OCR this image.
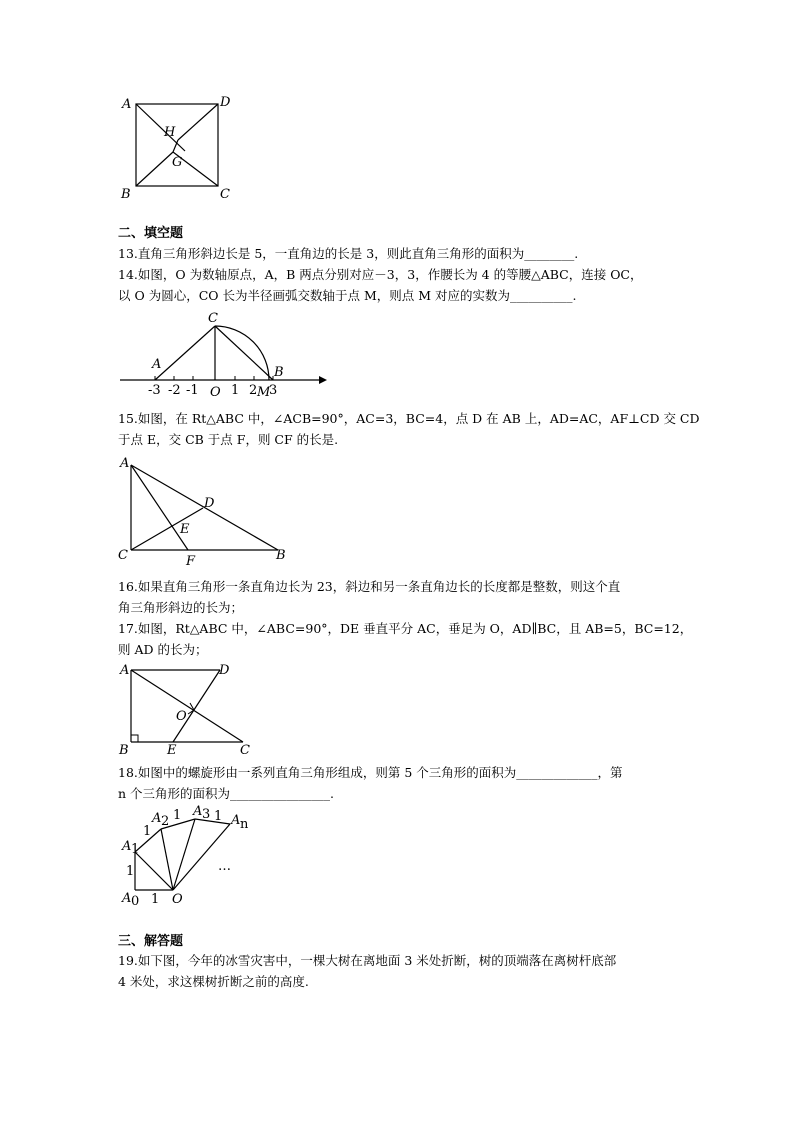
A	D
B	C
H
G
二、填空题
13.直角三角形斜边长是 5，一直角边的长是 3，则此直角三角形的面积为________.
14.如图，O 为数轴原点，A，B 两点分别对应－3，3，作腰长为 4 的等腰△ABC，连接 OC，
以 O 为圆心，CO 长为半径画弧交数轴于点 M，则点 M 对应的实数为__________.
C
A
B
-3 -2 -1 O 1 2 M
3
15.如图，在 Rt△ABC 中，∠ACB=90°，AC=3，BC=4，点 D 在 AB 上，AD=AC，AF⊥CD 交 CD
于点 E，交 CB 于点 F，则 CF 的长是.
A
D
E
C	F	B
16.如果直角三角形一条直角边长为 23，斜边和另一条直角边长的长度都是整数，则这个直
角三角形斜边的长为；
17.如图，Rt△ABC 中，∠ABC=90°，DE 垂直平分 AC，垂足为 O，AD∥BC，且 AB=5，BC=12，
则 AD 的长为；
A	D
O
B	E	C
18.如图中的螺旋形由一系列直角三角形组成，则第 5 个三角形的面积为_____________，第
n 个三角形的面积为________________.
A 0
A 1
A 2
A 3 A n
O
1
1
1
1	1
…
三、解答题
19.如下图，今年的冰雪灾害中，一棵大树在离地面 3 米处折断，树的顶端落在离树杆底部
4 米处，求这棵树折断之前的高度.
